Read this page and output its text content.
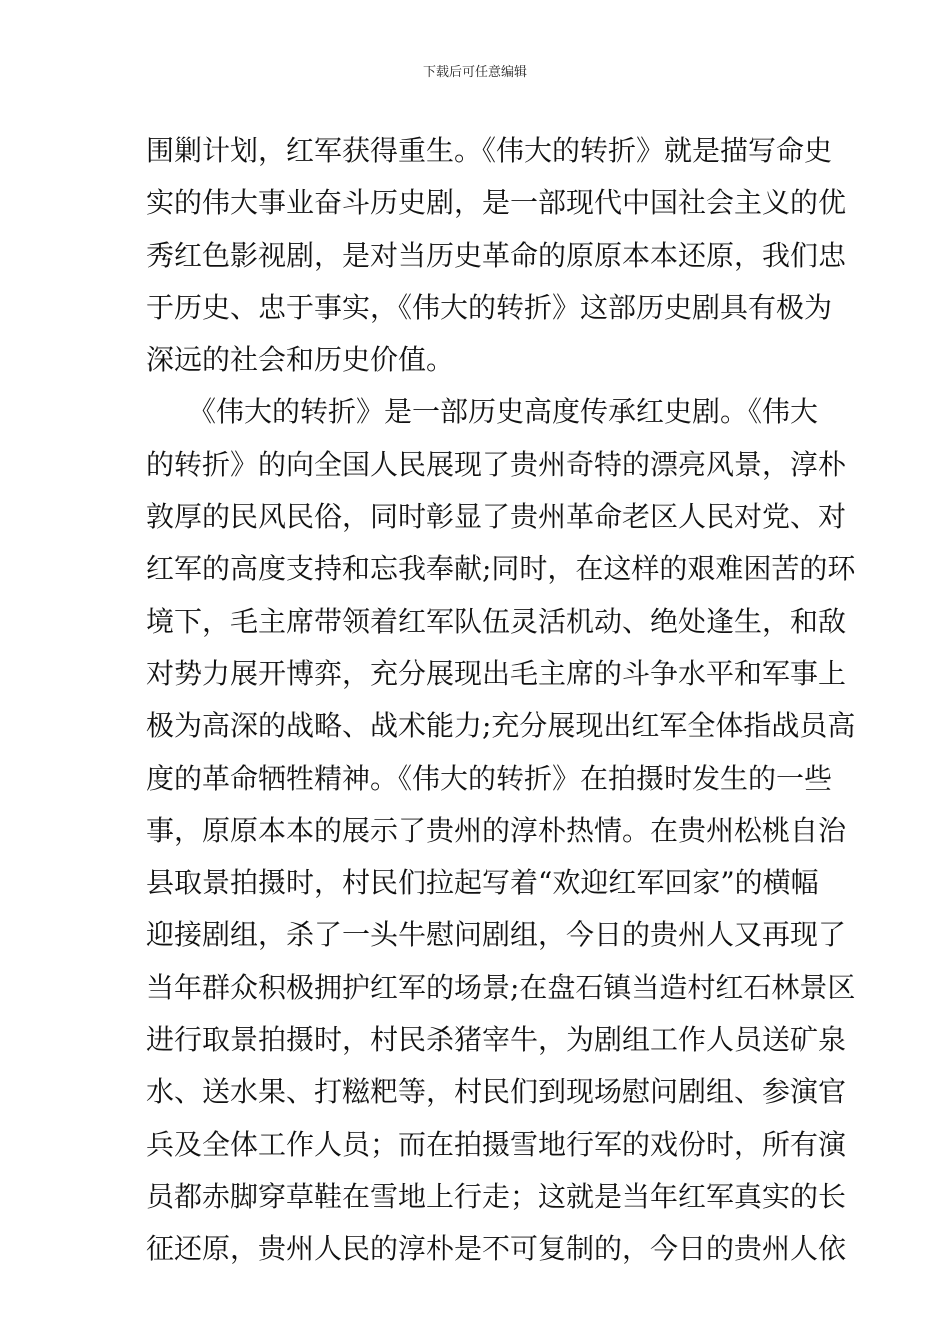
下载后可任意编辑
围剿计划，红军获得重生。《伟大的转折》就是描写命史
实的伟大事业奋斗历史剧，是一部现代中国社会主义的优
秀红色影视剧，是对当历史革命的原原本本还原，我们忠
于历史、忠于事实，《伟大的转折》这部历史剧具有极为
深远的社会和历史价值。
　　《伟大的转折》是一部历史高度传承红史剧。《伟大
的转折》的向全国人民展现了贵州奇特的漂亮风景，淳朴
敦厚的民风民俗，同时彰显了贵州革命老区人民对党、对
红军的高度支持和忘我奉献;同时，在这样的艰难困苦的环
境下，毛主席带领着红军队伍灵活机动、绝处逢生，和敌
对势力展开博弈，充分展现出毛主席的斗争水平和军事上
极为高深的战略、战术能力;充分展现出红军全体指战员高
度的革命牺牲精神。《伟大的转折》在拍摄时发生的一些
事，原原本本的展示了贵州的淳朴热情。在贵州松桃自治
县取景拍摄时，村民们拉起写着“欢迎红军回家”的横幅
迎接剧组，杀了一头牛慰问剧组，今日的贵州人又再现了
当年群众积极拥护红军的场景;在盘石镇当造村红石林景区
进行取景拍摄时，村民杀猪宰牛，为剧组工作人员送矿泉
水、送水果、打糍粑等，村民们到现场慰问剧组、参演官
兵及全体工作人员；而在拍摄雪地行军的戏份时，所有演
员都赤脚穿草鞋在雪地上行走；这就是当年红军真实的长
征还原，贵州人民的淳朴是不可复制的，今日的贵州人依
